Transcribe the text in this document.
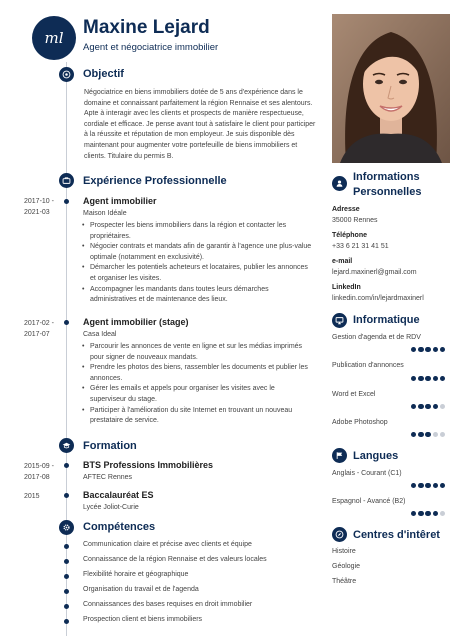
ml Maxine Lejard
Agent et négociatrice immobilier
Objectif
Négociatrice en biens immobiliers dotée de 5 ans d'expérience dans le domaine et connaissant parfaitement la région Rennaise et ses alentours. Apte à interagir avec les clients et prospects de manière respectueuse, cordiale et efficace. Je pense avant tout à satisfaire le client pour participer à la réussite et réputation de mon employeur. Je suis disponible dès maintenant pour augmenter votre portefeuille de biens immobiliers et clients. Titulaire du permis B.
Expérience Professionnelle
2017-10 -
2021-03
Agent immobilier
Maison Idéale
• Prospecter les biens immobiliers dans la région et contacter les propriétaires.
• Négocier contrats et mandats afin de garantir à l'agence une plus-value optimale (notamment en exclusivité).
• Démarcher les potentiels acheteurs et locataires, publier les annonces et organiser les visites.
• Accompagner les mandants dans toutes leurs démarches administratives et de maintenance des lieux.
2017-02 -
2017-07
Agent immobilier (stage)
Casa Ideal
• Parcourir les annonces de vente en ligne et sur les médias imprimés pour signer de nouveaux mandats.
• Prendre les photos des biens, rassembler les documents et publier les annonces.
• Gérer les emails et appels pour organiser les visites avec le superviseur du stage.
• Participer à l'amélioration du site Internet en trouvant un nouveau prestataire de service.
Formation
2015-09 -
2017-08
BTS Professions Immobilières
AFTEC Rennes
2015	Baccalauréat ES
Lycée Joliot-Curie
Compétences
Communication claire et précise avec clients et équipe
Connaissance de la région Rennaise et des valeurs locales
Flexibilité horaire et géographique
Organisation du travail et de l'agenda
Connaissances des bases requises en droit immobilier
Prospection client et biens immobiliers
Informations Personnelles
Adresse
35000 Rennes
Téléphone
+33 6 21 31 41 51
e-mail
lejard.maxinerl@gmail.com
LinkedIn
linkedin.com/in/lejardmaxinerl
Informatique
Gestion d'agenda et de RDV
Publication d'annonces
Word et Excel
Adobe Photoshop
Langues
Anglais - Courant (C1)
Espagnol - Avancé (B2)
Centres d'intêret
Histoire
Géologie
Théâtre
